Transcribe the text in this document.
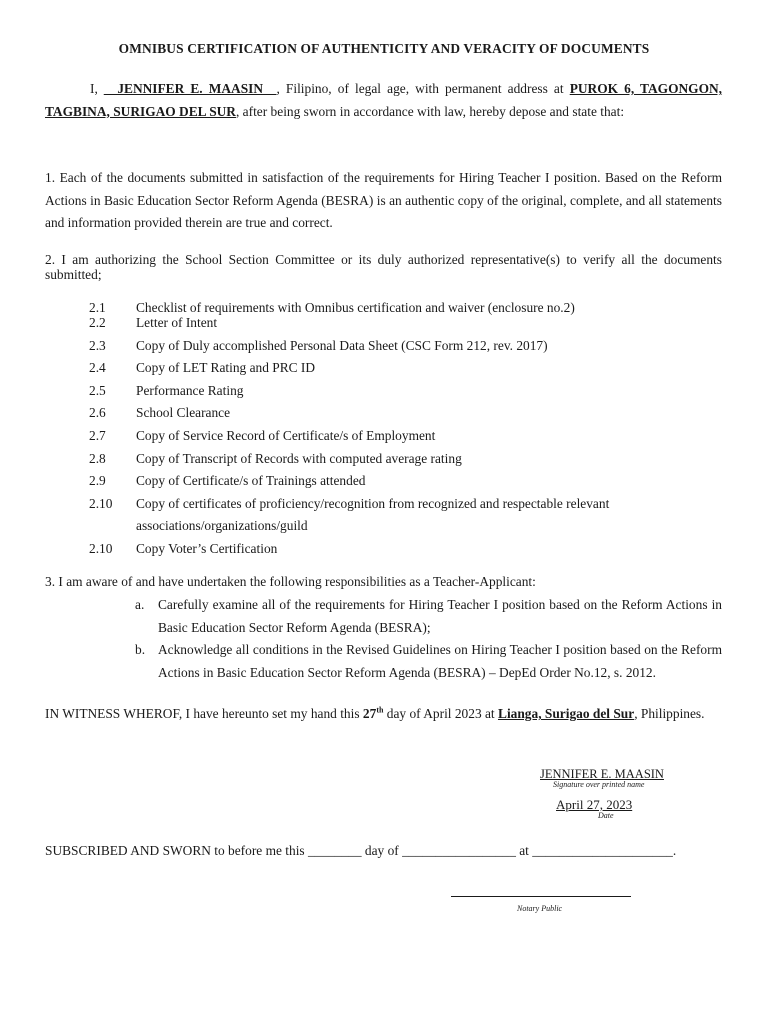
OMNIBUS CERTIFICATION OF AUTHENTICITY AND VERACITY OF DOCUMENTS
I, __JENNIFER E. MAASIN__, Filipino, of legal age, with permanent address at PUROK 6, TAGONGON, TAGBINA, SURIGAO DEL SUR, after being sworn in accordance with law, hereby depose and state that:
1. Each of the documents submitted in satisfaction of the requirements for Hiring Teacher I position. Based on the Reform Actions in Basic Education Sector Reform Agenda (BESRA) is an authentic copy of the original, complete, and all statements and information provided therein are true and correct.
2. I am authorizing the School Section Committee or its duly authorized representative(s) to verify all the documents submitted;
2.1 Checklist of requirements with Omnibus certification and waiver (enclosure no.2)
2.2 Letter of Intent
2.3 Copy of Duly accomplished Personal Data Sheet (CSC Form 212, rev. 2017)
2.4 Copy of LET Rating and PRC ID
2.5 Performance Rating
2.6 School Clearance
2.7 Copy of Service Record of Certificate/s of Employment
2.8 Copy of Transcript of Records with computed average rating
2.9 Copy of Certificate/s of Trainings attended
2.10 Copy of certificates of proficiency/recognition from recognized and respectable relevant associations/organizations/guild
2.10 Copy Voter’s Certification
3. I am aware of and have undertaken the following responsibilities as a Teacher-Applicant:
a. Carefully examine all of the requirements for Hiring Teacher I position based on the Reform Actions in Basic Education Sector Reform Agenda (BESRA);
b. Acknowledge all conditions in the Revised Guidelines on Hiring Teacher I position based on the Reform Actions in Basic Education Sector Reform Agenda (BESRA) – DepEd Order No.12, s. 2012.
IN WITNESS WHEROF, I have hereunto set my hand this 27th day of April 2023 at Lianga, Surigao del Sur, Philippines.
JENNIFER E. MAASIN
Signature over printed name
April 27, 2023
Date
SUBSCRIBED AND SWORN to before me this ________ day of _________________ at _____________________.
Notary Public
